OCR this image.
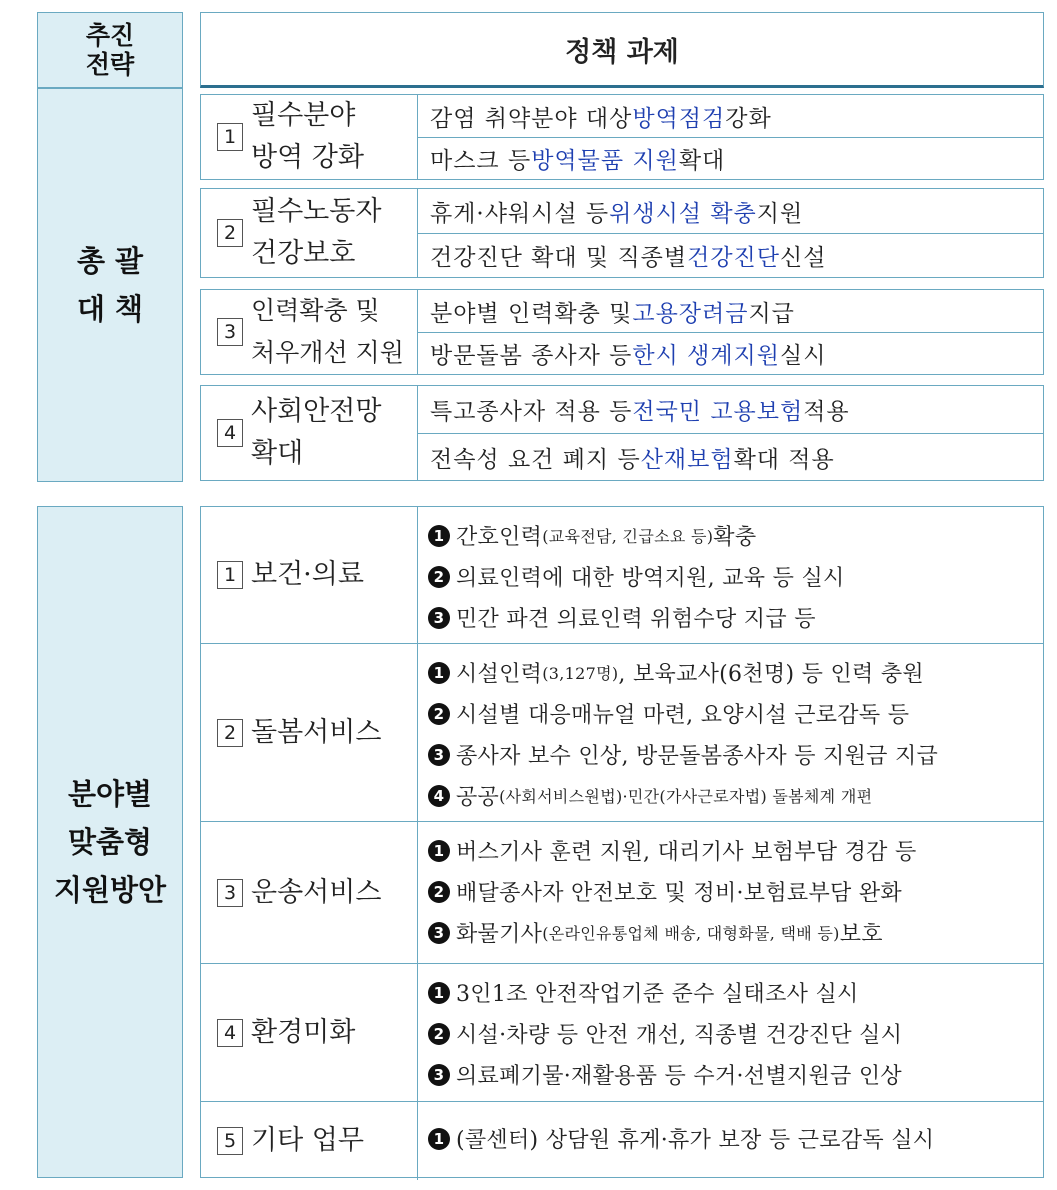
추진
전략	정책 과제
총 괄
대 책
1
필수분야
방역 강화
감염 취약분야 대상 방역점검 강화
마스크 등 방역물품 지원 확대
2
필수노동자
건강보호
휴게·샤워시설 등 위생시설 확충 지원
건강진단 확대 및 직종별 건강진단 신설
3
인력확충 및
처우개선 지원
분야별 인력확충 및 고용장려금 지급
방문돌봄 종사자 등 한시 생계지원 실시
4
사회안전망
확대
특고종사자 적용 등 전국민 고용보험 적용
전속성 요건 폐지 등 산재보험 확대 적용
분야별
맞춤형
지원방안
1 보건·의료
1 간호인력 (교육전담, 긴급소요 등) 확충
2 의료인력에 대한 방역지원, 교육 등 실시
3 민간 파견 의료인력 위험수당 지급 등
2 돌봄서비스
1 시설인력 (3,127명) , 보육교사(6천명) 등 인력 충원
2 시설별 대응매뉴얼 마련, 요양시설 근로감독 등
3 종사자 보수 인상, 방문돌봄종사자 등 지원금 지급
4 공공 (사회서비스원법) ·민간(가사근로자법) 돌봄체계 개편
3 운송서비스
1 버스기사 훈련 지원, 대리기사 보험부담 경감 등
2 배달종사자 안전보호 및 정비·보험료부담 완화
3 화물기사 (온라인유통업체 배송, 대형화물, 택배 등) 보호
4 환경미화
1 3인1조 안전작업기준 준수 실태조사 실시
2 시설·차량 등 안전 개선, 직종별 건강진단 실시
3 의료폐기물·재활용품 등 수거·선별지원금 인상
5 기타 업무	1 (콜센터) 상담원 휴게·휴가 보장 등 근로감독 실시
